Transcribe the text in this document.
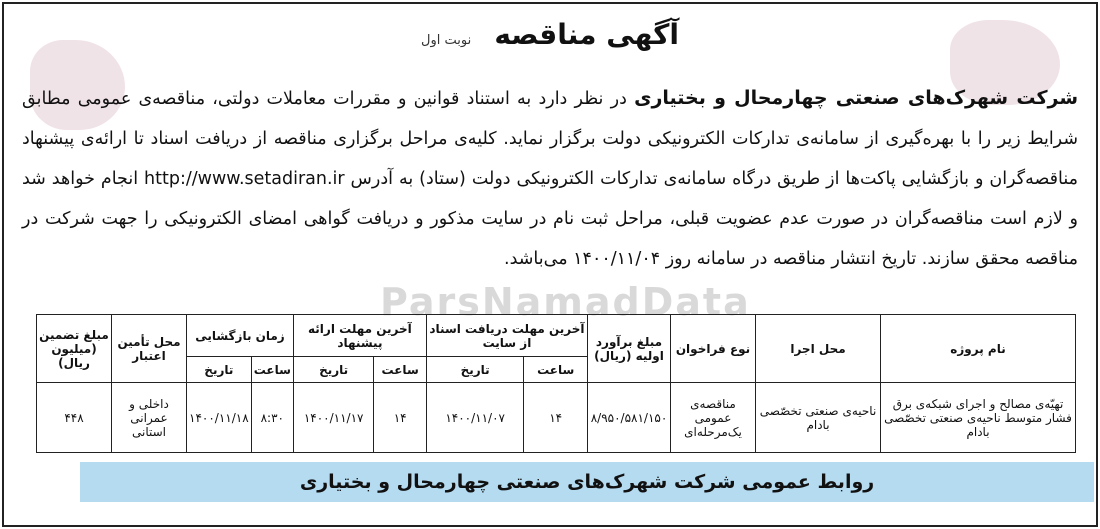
ParsNamadData
آگهی مناقصه نوبت اول
شرکت شهرک‌های صنعتی چهارمحال و بختیاری در نظر دارد به استناد قوانین و مقررات معاملات دولتی، مناقصه‌ی عمومی مطابق شرایط زیر را با بهره‌گیری از سامانه‌ی تدارکات الکترونیکی دولت برگزار نماید. کلیه‌ی مراحل برگزاری مناقصه از دریافت اسناد تا ارائه‌ی پیشنهاد مناقصه‌گران و بازگشایی پاکت‌ها از طریق درگاه سامانه‌ی تدارکات الکترونیکی دولت (ستاد) به آدرس http://www.setadiran.ir انجام خواهد شد و لازم است مناقصه‌گران در صورت عدم عضویت قبلی، مراحل ثبت نام در سایت مذکور و دریافت گواهی امضای الکترونیکی را جهت شرکت در مناقصه محقق سازند. تاریخ انتشار مناقصه در سامانه روز ۱۴۰۰/۱۱/۰۴ می‌باشد.
نام پروژه	محل اجرا	نوع فراخوان	مبلغ برآورد اولیه (ریال)	آخرین مهلت دریافت اسناد از سایت		آخرین مهلت ارائه پیشنهاد		زمان بازگشایی		محل تأمین اعتبار	مبلغ تضمین (میلیون ریال)
				ساعت	تاریخ	ساعت	تاریخ	ساعت	تاریخ		
تهیّه‌ی مصالح و اجرای شبکه‌ی برق فشار متوسط ناحیه‌ی صنعتی تخصّصی بادام	ناحیه‌ی صنعتی تخصّصی بادام	مناقصه‌ی عمومی یک‌مرحله‌ای	۸/۹۵۰/۵۸۱/۱۵۰	۱۴	۱۴۰۰/۱۱/۰۷	۱۴	۱۴۰۰/۱۱/۱۷	۸:۳۰	۱۴۰۰/۱۱/۱۸	داخلی و عمرانی استانی	۴۴۸
روابط عمومی شرکت شهرک‌های صنعتی چهارمحال و بختیاری
